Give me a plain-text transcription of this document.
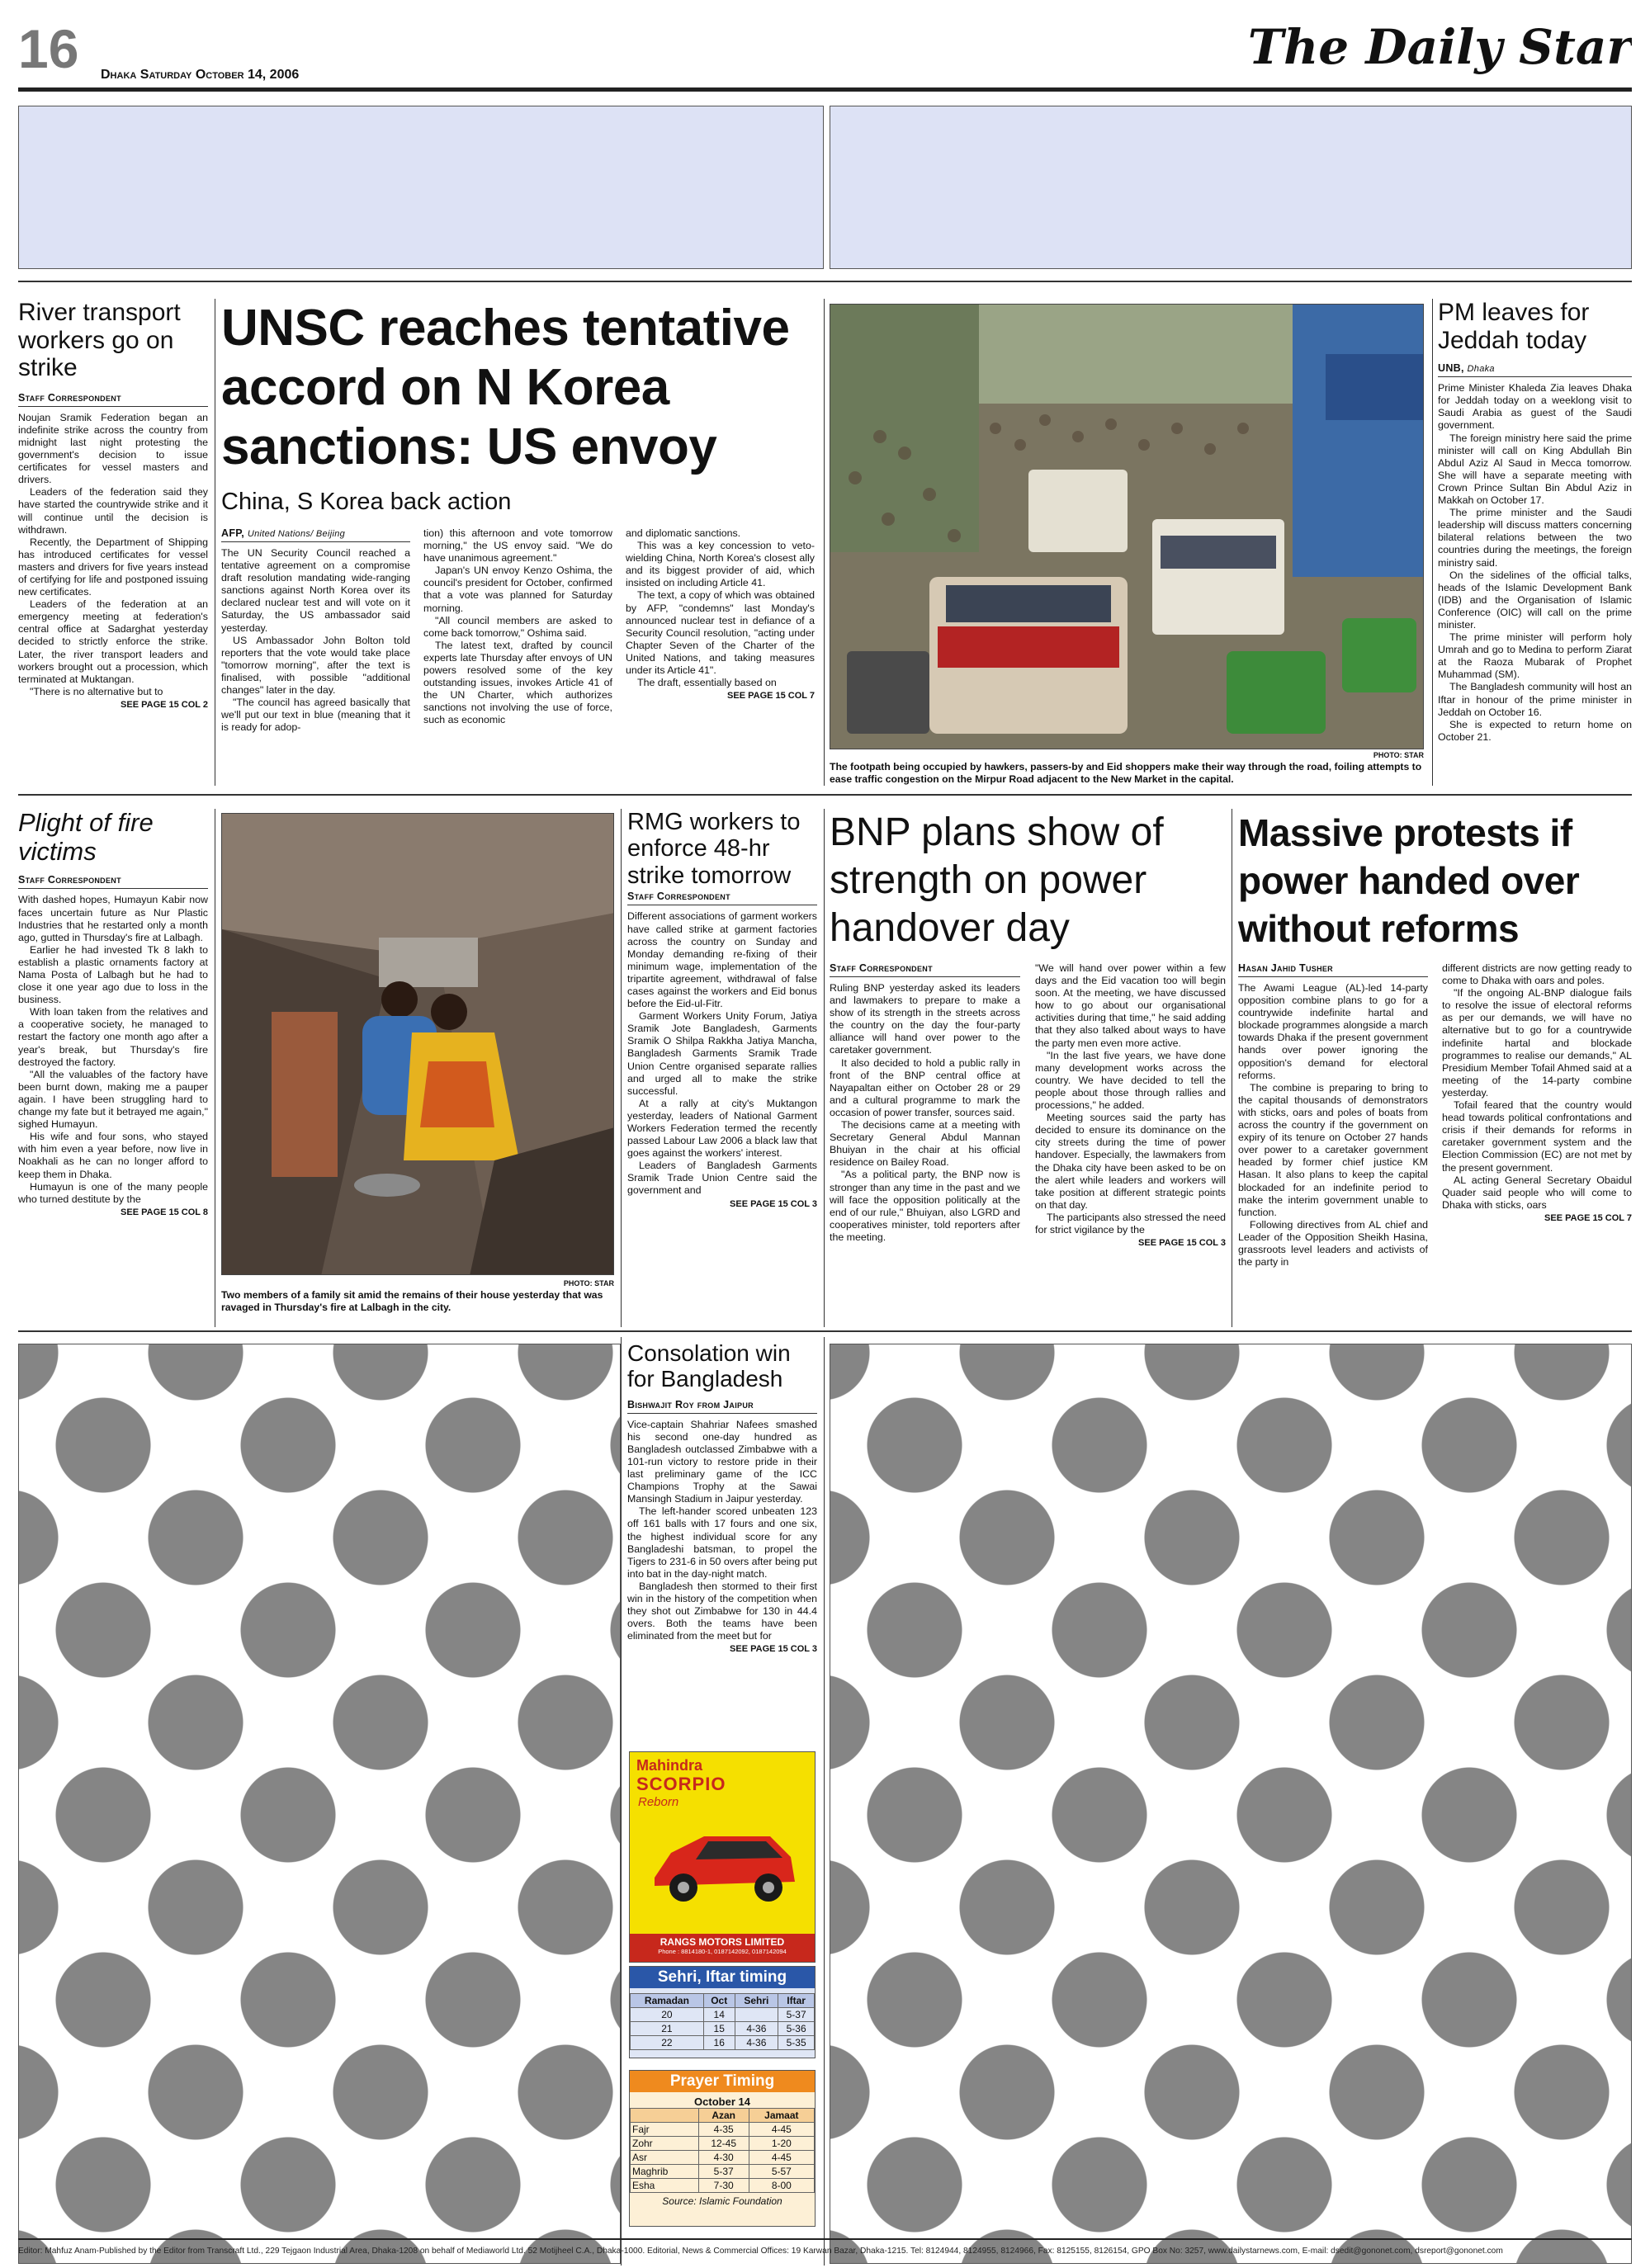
16 Dhaka Saturday October 14, 2006	The Daily Star
River transport workers go on strike
Staff Correspondent

Noujan Sramik Federation began an indefinite strike across the country from midnight last night protesting the government's decision to issue certificates for vessel masters and drivers.

Leaders of the federation said they have started the countrywide strike and it will continue until the decision is withdrawn.

Recently, the Department of Shipping has introduced certificates for vessel masters and drivers for five years instead of certifying for life and postponed issuing new certificates.

Leaders of the federation at an emergency meeting at federation's central office at Sadarghat yesterday decided to strictly enforce the strike. Later, the river transport leaders and workers brought out a procession, which terminated at Muktangan.

"There is no alternative but to

SEE PAGE 15 COL 2
UNSC reaches tentative accord on N Korea sanctions: US envoy
China, S Korea back action
AFP, United Nations/ Beijing

The UN Security Council reached a tentative agreement on a compromise draft resolution mandating wide-ranging sanctions against North Korea over its declared nuclear test and will vote on it Saturday, the US ambassador said yesterday.

US Ambassador John Bolton told reporters that the vote would take place "tomorrow morning", after the text is finalised, with possible "additional changes" later in the day.

"The council has agreed basically that we'll put our text in blue (meaning that it is ready for adop-

tion) this afternoon and vote tomorrow morning," the US envoy said. "We do have unanimous agreement."

Japan's UN envoy Kenzo Oshima, the council's president for October, confirmed that a vote was planned for Saturday morning.

"All council members are asked to come back tomorrow," Oshima said.

The latest text, drafted by council experts late Thursday after envoys of UN powers resolved some of the key outstanding issues, invokes Article 41 of the UN Charter, which authorizes sanctions not involving the use of force, such as economic

and diplomatic sanctions.

This was a key concession to veto-wielding China, North Korea's closest ally and its biggest provider of aid, which insisted on including Article 41.

The text, a copy of which was obtained by AFP, "condemns" last Monday's announced nuclear test in defiance of a Security Council resolution, "acting under Chapter Seven of the Charter of the United Nations, and taking measures under its Article 41".

The draft, essentially based on

SEE PAGE 15 COL 7
PHOTO: STAR
The footpath being occupied by hawkers, passers-by and Eid shoppers make their way through the road, foiling attempts to ease traffic congestion on the Mirpur Road adjacent to the New Market in the capital.
PM leaves for Jeddah today
UNB, Dhaka

Prime Minister Khaleda Zia leaves Dhaka for Jeddah today on a weeklong visit to Saudi Arabia as guest of the Saudi government.

The foreign ministry here said the prime minister will call on King Abdullah Bin Abdul Aziz Al Saud in Mecca tomorrow. She will have a separate meeting with Crown Prince Sultan Bin Abdul Aziz in Makkah on October 17.

The prime minister and the Saudi leadership will discuss matters concerning bilateral relations between the two countries during the meetings, the foreign ministry said.

On the sidelines of the official talks, heads of the Islamic Development Bank (IDB) and the Organisation of Islamic Conference (OIC) will call on the prime minister.

The prime minister will perform holy Umrah and go to Medina to perform Ziarat at the Raoza Mubarak of Prophet Muhammad (SM).

The Bangladesh community will host an Iftar in honour of the prime minister in Jeddah on October 16.

She is expected to return home on October 21.

Plight of fire victims
Staff Correspondent

With dashed hopes, Humayun Kabir now faces uncertain future as Nur Plastic Industries that he restarted only a month ago, gutted in Thursday's fire at Lalbagh.

Earlier he had invested Tk 8 lakh to establish a plastic ornaments factory at Nama Posta of Lalbagh but he had to close it one year ago due to loss in the business.

With loan taken from the relatives and a cooperative society, he managed to restart the factory one month ago after a year's break, but Thursday's fire destroyed the factory.

"All the valuables of the factory have been burnt down, making me a pauper again. I have been struggling hard to change my fate but it betrayed me again," sighed Humayun.

His wife and four sons, who stayed with him even a year before, now live in Noakhali as he can no longer afford to keep them in Dhaka.

Humayun is one of the many people who turned destitute by the

SEE PAGE 15 COL 8
PHOTO: STAR
Two members of a family sit amid the remains of their house yesterday that was ravaged in Thursday's fire at Lalbagh in the city.
RMG workers to enforce 48-hr strike tomorrow
Staff Correspondent

Different associations of garment workers have called strike at garment factories across the country on Sunday and Monday demanding re-fixing of their minimum wage, implementation of the tripartite agreement, withdrawal of false cases against the workers and Eid bonus before the Eid-ul-Fitr.

Garment Workers Unity Forum, Jatiya Sramik Jote Bangladesh, Garments Sramik O Shilpa Rakkha Jatiya Mancha, Bangladesh Garments Sramik Trade Union Centre organised separate rallies and urged all to make the strike successful.

At a rally at city's Muktangon yesterday, leaders of National Garment Workers Federation termed the recently passed Labour Law 2006 a black law that goes against the workers' interest.

Leaders of Bangladesh Garments Sramik Trade Union Centre said the government and

SEE PAGE 15 COL 3
BNP plans show of strength on power handover day
Staff Correspondent

Ruling BNP yesterday asked its leaders and lawmakers to prepare to make a show of its strength in the streets across the country on the day the four-party alliance will hand over power to the caretaker government.

It also decided to hold a public rally in front of the BNP central office at Nayapaltan either on October 28 or 29 and a cultural programme to mark the occasion of power transfer, sources said.

The decisions came at a meeting with Secretary General Abdul Mannan Bhuiyan in the chair at his official residence on Bailey Road.

"As a political party, the BNP now is stronger than any time in the past and we will face the opposition politically at the end of our rule," Bhuiyan, also LGRD and cooperatives minister, told reporters after the meeting.

"We will hand over power within a few days and the Eid vacation too will begin soon. At the meeting, we have discussed how to go about our organisational activities during that time," he said adding that they also talked about ways to have the party men even more active.

"In the last five years, we have done many development works across the country. We have decided to tell the people about those through rallies and processions," he added.

Meeting sources said the party has decided to ensure its dominance on the city streets during the time of power handover. Especially, the lawmakers from the Dhaka city have been asked to be on the alert while leaders and workers will take position at different strategic points on that day.

The participants also stressed the need for strict vigilance by the

SEE PAGE 15 COL 3
Massive protests if power handed over without reforms
Hasan Jahid Tusher

The Awami League (AL)-led 14-party opposition combine plans to go for a countrywide indefinite hartal and blockade programmes alongside a march towards Dhaka if the present government hands over power ignoring the opposition's demand for electoral reforms.

The combine is preparing to bring to the capital thousands of demonstrators with sticks, oars and poles of boats from across the country if the government on expiry of its tenure on October 27 hands over power to a caretaker government headed by former chief justice KM Hasan. It also plans to keep the capital blockaded for an indefinite period to make the interim government unable to function.

Following directives from AL chief and Leader of the Opposition Sheikh Hasina, grassroots level leaders and activists of the party in

different districts are now getting ready to come to Dhaka with oars and poles.

"If the ongoing AL-BNP dialogue fails to resolve the issue of electoral reforms as per our demands, we will have no alternative but to go for a countrywide indefinite hartal and blockade programmes to realise our demands," AL Presidium Member Tofail Ahmed said at a meeting of the 14-party combine yesterday.

Tofail feared that the country would head towards political confrontations and crisis if their demands for reforms in caretaker government system and the Election Commission (EC) are not met by the present government.

AL acting General Secretary Obaidul Quader said people who will come to Dhaka with sticks, oars

SEE PAGE 15 COL 7
Consolation win for Bangladesh
Bishwajit Roy from Jaipur

Vice-captain Shahriar Nafees smashed his second one-day hundred as Bangladesh outclassed Zimbabwe with a 101-run victory to restore pride in their last preliminary game of the ICC Champions Trophy at the Sawai Mansingh Stadium in Jaipur yesterday.

The left-hander scored unbeaten 123 off 161 balls with 17 fours and one six, the highest individual score for any Bangladeshi batsman, to propel the Tigers to 231-6 in 50 overs after being put into bat in the day-night match.

Bangladesh then stormed to their first win in the history of the competition when they shot out Zimbabwe for 130 in 44.4 overs. Both the teams have been eliminated from the meet but for

SEE PAGE 15 COL 3
Mahindra
SCORPIO
Reborn
RANGS MOTORS LIMITED
Phone : 8814180-1, 0187142092, 0187142094
Sehri, Iftar timing
Ramadan	Oct	Sehri	Iftar
20	14		5-37
21	15	4-36	5-36
22	16	4-36	5-35
Prayer Timing
October 14
	Azan	Jamaat
Fajr	4-35	4-45
Zohr	12-45	1-20
Asr	4-30	4-45
Maghrib	5-37	5-57
Esha	7-30	8-00
Source: Islamic Foundation
Editor: Mahfuz Anam-Published by the Editor from Transcraft Ltd., 229 Tejgaon Industrial Area, Dhaka-1208 on behalf of Mediaworld Ltd. 52 Motijheel C.A., Dhaka-1000. Editorial, News & Commercial Offices: 19 Karwan Bazar, Dhaka-1215. Tel: 8124944, 8124955, 8124966, Fax: 8125155, 8126154, GPO Box No: 3257, www.dailystarnews.com, E-mail: dsedit@gononet.com, dsreport@gononet.com
